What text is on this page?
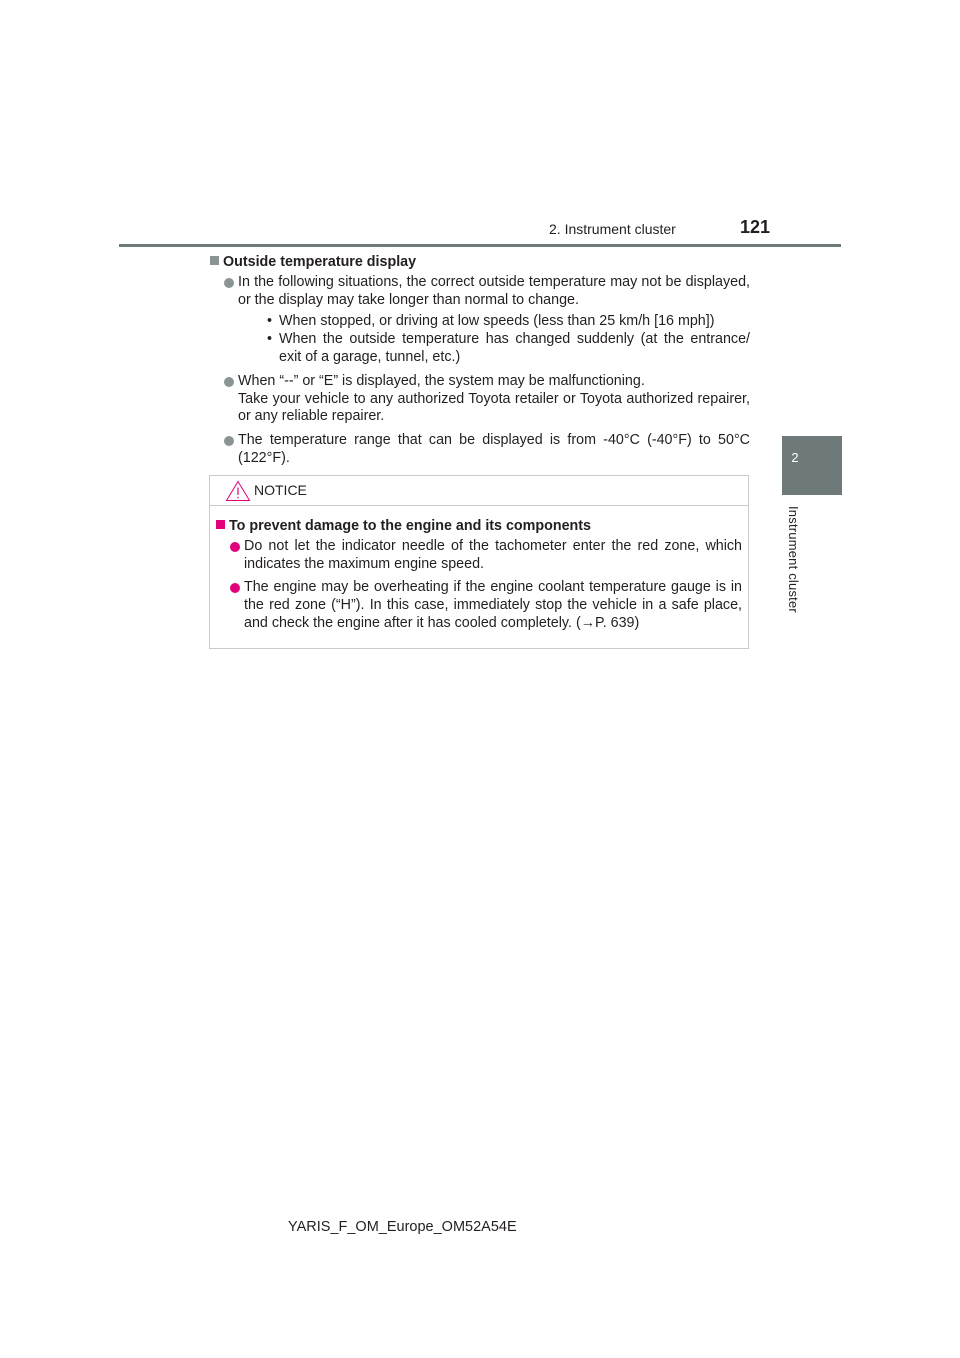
2. Instrument cluster	121
2
Instrument cluster
Outside temperature display
In the following situations, the correct outside temperature may not be displayed, or the display may take longer than normal to change.
• When stopped, or driving at low speeds (less than 25 km/h [16 mph])
• When the outside temperature has changed suddenly (at the entrance/ exit of a garage, tunnel, etc.)
When “--” or “E” is displayed, the system may be malfunctioning.
Take your vehicle to any authorized Toyota retailer or Toyota authorized repairer, or any reliable repairer.
The temperature range that can be displayed is from -40°C (-40°F) to 50°C (122°F).
NOTICE
To prevent damage to the engine and its components
Do not let the indicator needle of the tachometer enter the red zone, which indicates the maximum engine speed.
The engine may be overheating if the engine coolant temperature gauge is in the red zone (“H”). In this case, immediately stop the vehicle in a safe place, and check the engine after it has cooled completely. (→P. 639)
YARIS_F_OM_Europe_OM52A54E
